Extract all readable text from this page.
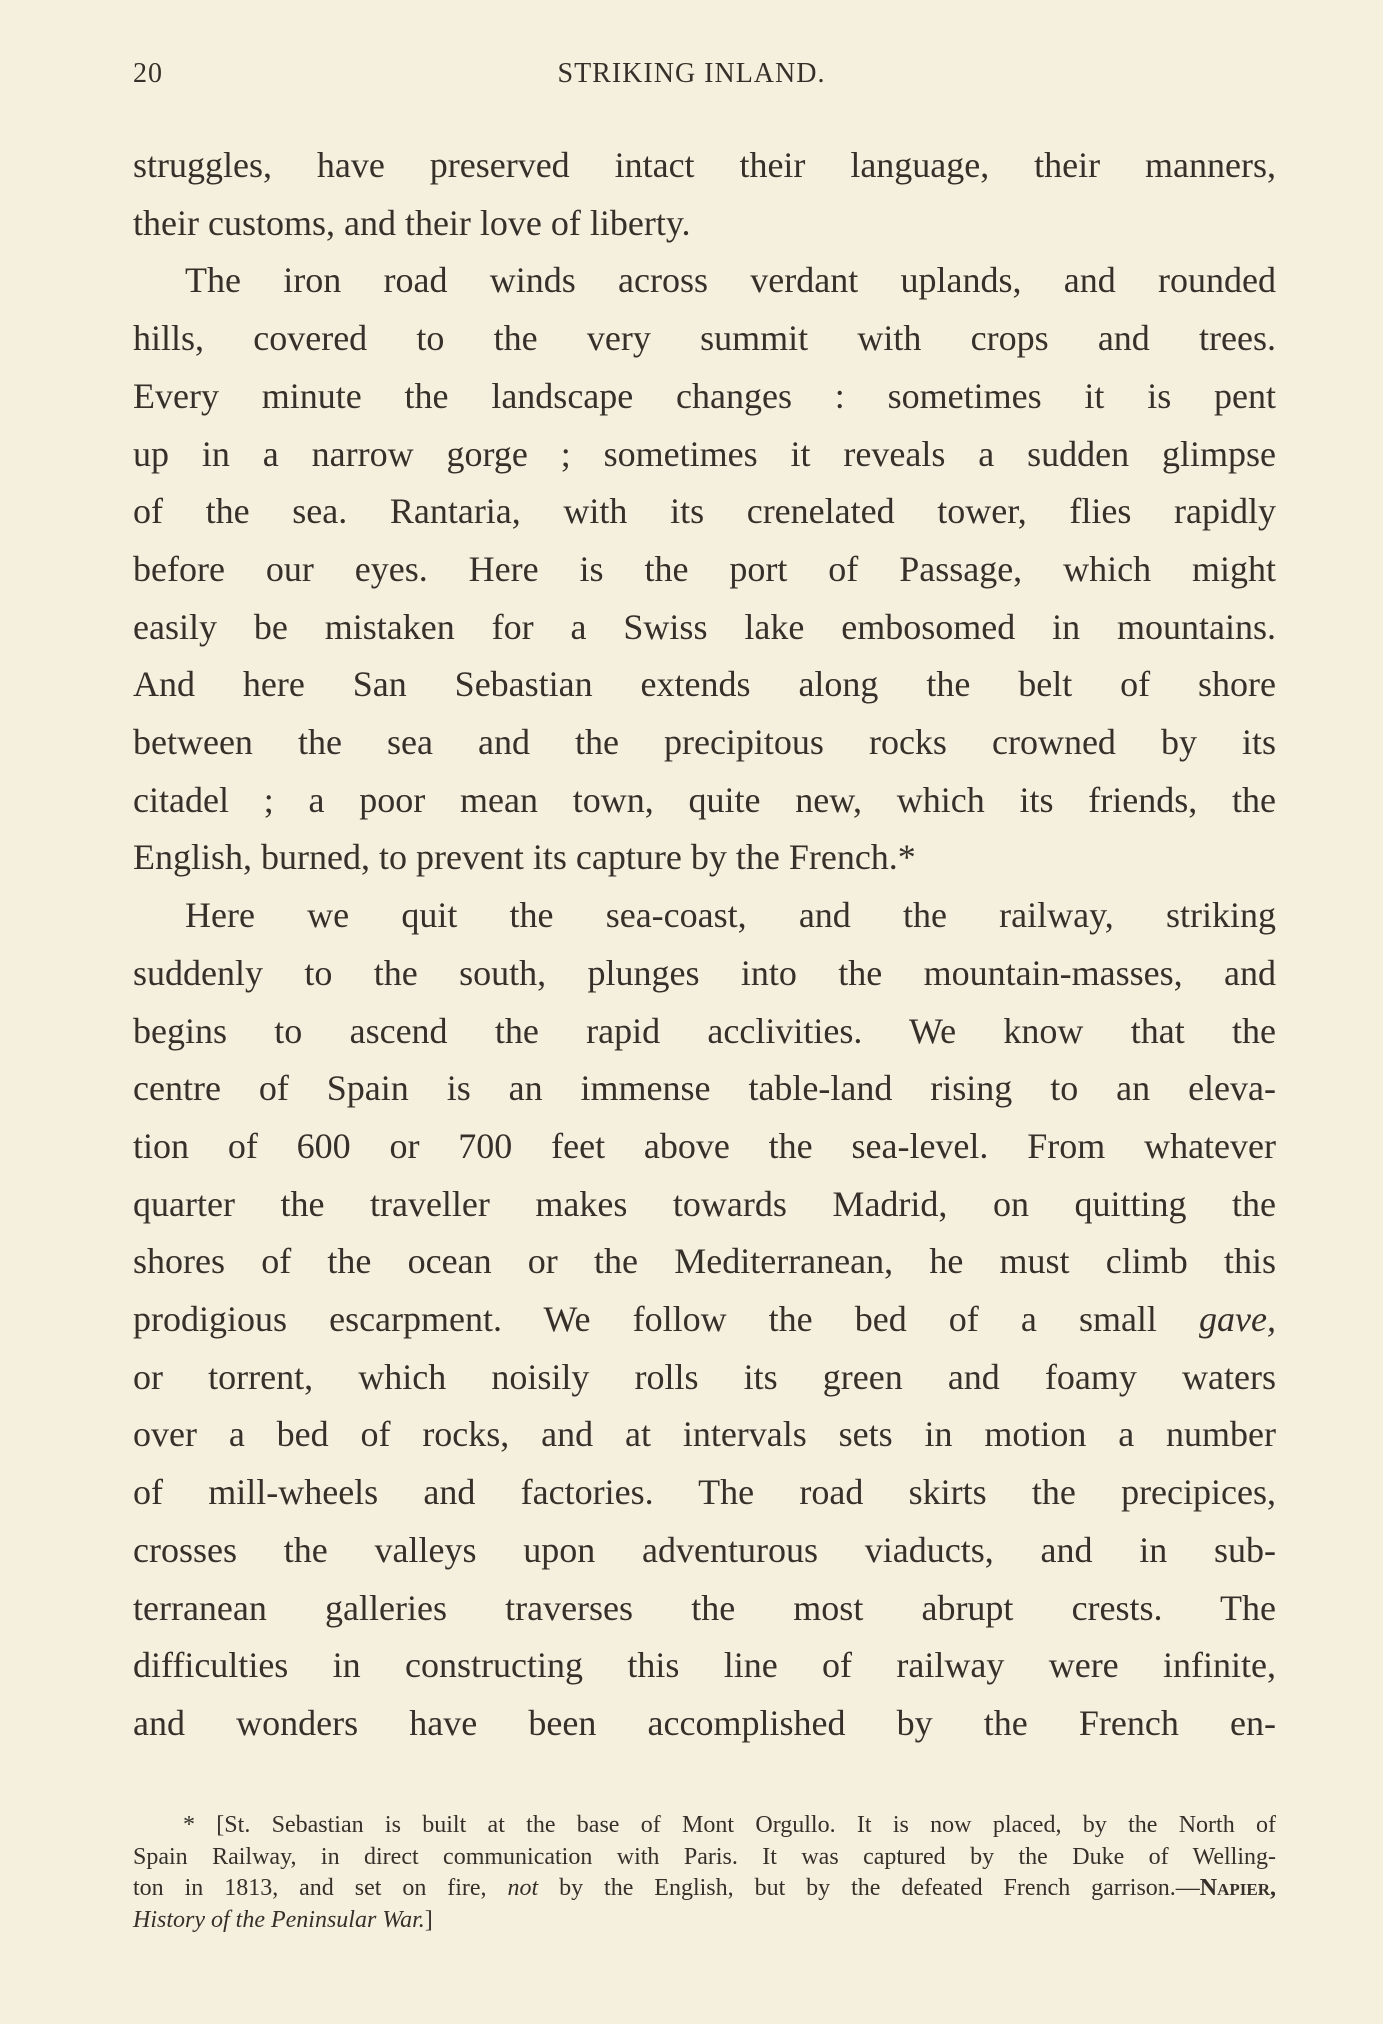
20	STRIKING INLAND.
struggles, have preserved intact their language, their manners,
their customs, and their love of liberty.
The iron road winds across verdant uplands, and rounded
hills, covered to the very summit with crops and trees.
Every minute the landscape changes : sometimes it is pent
up in a narrow gorge ; sometimes it reveals a sudden glimpse
of the sea. Rantaria, with its crenelated tower, flies rapidly
before our eyes. Here is the port of Passage, which might
easily be mistaken for a Swiss lake embosomed in mountains.
And here San Sebastian extends along the belt of shore
between the sea and the precipitous rocks crowned by its
citadel ; a poor mean town, quite new, which its friends, the
English, burned, to prevent its capture by the French.*
Here we quit the sea-coast, and the railway, striking
suddenly to the south, plunges into the mountain-masses, and
begins to ascend the rapid acclivities. We know that the
centre of Spain is an immense table-land rising to an eleva-
tion of 600 or 700 feet above the sea-level. From whatever
quarter the traveller makes towards Madrid, on quitting the
shores of the ocean or the Mediterranean, he must climb this
prodigious escarpment. We follow the bed of a small gave,
or torrent, which noisily rolls its green and foamy waters
over a bed of rocks, and at intervals sets in motion a number
of mill-wheels and factories. The road skirts the precipices,
crosses the valleys upon adventurous viaducts, and in sub-
terranean galleries traverses the most abrupt crests. The
difficulties in constructing this line of railway were infinite,
and wonders have been accomplished by the French en-
* [St. Sebastian is built at the base of Mont Orgullo. It is now placed, by the North of
Spain Railway, in direct communication with Paris. It was captured by the Duke of Welling-
ton in 1813, and set on fire, not by the English, but by the defeated French garrison.—Napier,
History of the Peninsular War.]
